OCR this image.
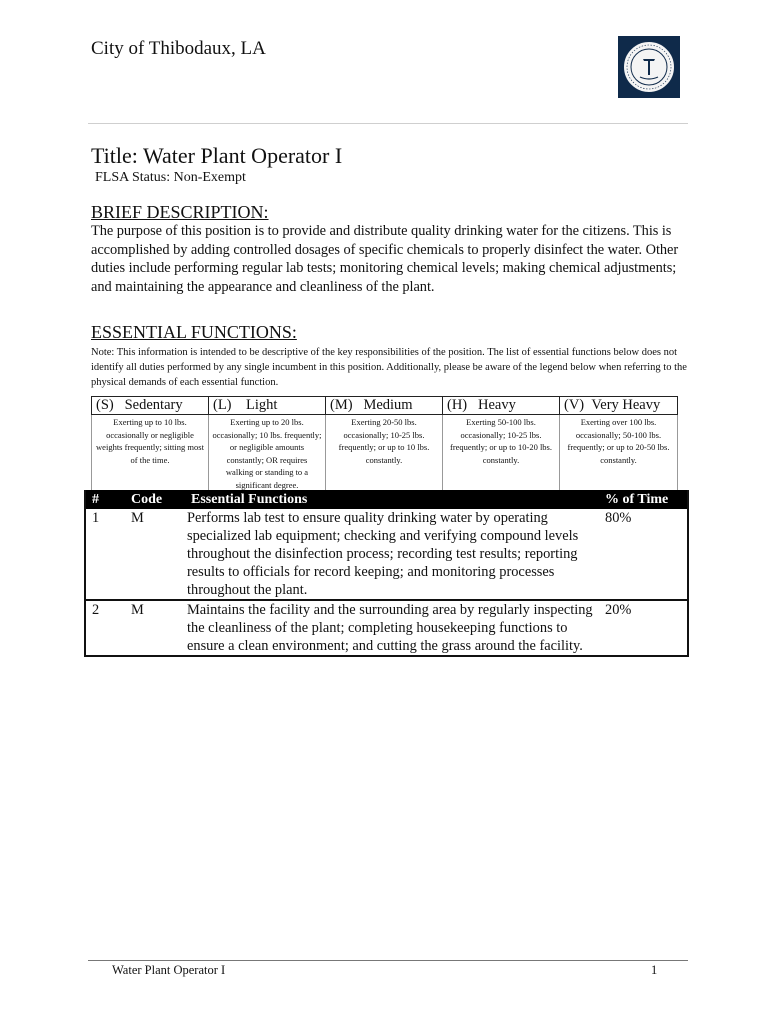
City of Thibodaux, LA
Title: Water Plant Operator I
FLSA Status: Non-Exempt
BRIEF DESCRIPTION:
The purpose of this position is to provide and distribute quality drinking water for the citizens. This is accomplished by adding controlled dosages of specific chemicals to properly disinfect the water. Other duties include performing regular lab tests; monitoring chemical levels; making chemical adjustments; and maintaining the appearance and cleanliness of the plant.
ESSENTIAL FUNCTIONS:
Note: This information is intended to be descriptive of the key responsibilities of the position. The list of essential functions below does not identify all duties performed by any single incumbent in this position. Additionally, please be aware of the legend below when referring to the physical demands of each essential function.
(S) Sedentary	(L) Light	(M) Medium	(H) Heavy	(V) Very Heavy
Exerting up to 10 lbs. occasionally or negligible weights frequently; sitting most of the time.	Exerting up to 20 lbs. occasionally; 10 lbs. frequently; or negligible amounts constantly; OR requires walking or standing to a significant degree.	Exerting 20-50 lbs. occasionally; 10-25 lbs. frequently; or up to 10 lbs. constantly.	Exerting 50-100 lbs. occasionally; 10-25 lbs. frequently; or up to 10-20 lbs. constantly.	Exerting over 100 lbs. occasionally; 50-100 lbs. frequently; or up to 20-50 lbs. constantly.
#	Code	Essential Functions	% of Time
1	M	Performs lab test to ensure quality drinking water by operating specialized lab equipment; checking and verifying compound levels throughout the disinfection process; recording test results; reporting results to officials for record keeping; and monitoring processes throughout the plant.	80%
2	M	Maintains the facility and the surrounding area by regularly inspecting the cleanliness of the plant; completing housekeeping functions to ensure a clean environment; and cutting the grass around the facility.	20%
Water Plant Operator I	1
